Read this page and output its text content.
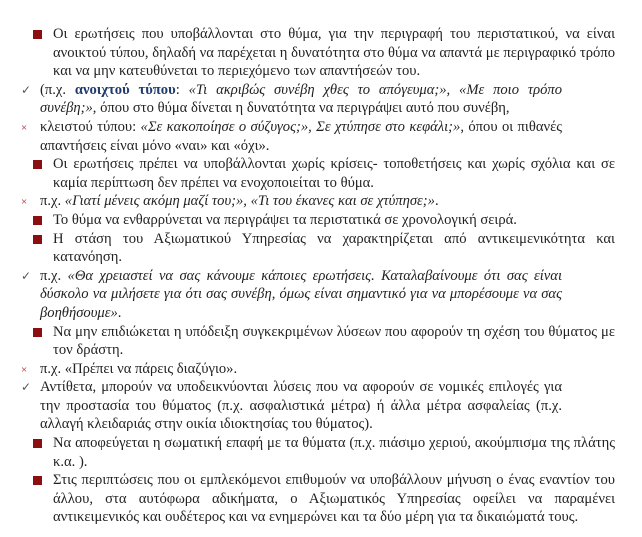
Οι ερωτήσεις που υποβάλλονται στο θύμα, για την περιγραφή του περιστατικού, να είναι ανοικτού τύπου, δηλαδή να παρέχεται η δυνατότητα στο θύμα να απαντά με περιγραφικό τρόπο και να μην κατευθύνεται το περιεχόμενο των απαντήσεών του.
✓ (π.χ. ανοιχτού τύπου: «Τι ακριβώς συνέβη χθες το απόγευμα;», «Με ποιο τρόπο συνέβη;», όπου στο θύμα δίνεται η δυνατότητα να περιγράψει αυτό που συνέβη,
× κλειστού τύπου: «Σε κακοποίησε ο σύζυγος;», Σε χτύπησε στο κεφάλι;», όπου οι πιθανές απαντήσεις είναι μόνο «ναι» και «όχι».
Οι ερωτήσεις πρέπει να υποβάλλονται χωρίς κρίσεις- τοποθετήσεις και χωρίς σχόλια και σε καμία περίπτωση δεν πρέπει να ενοχοποιείται το θύμα.
× π.χ. «Γιατί μένεις ακόμη μαζί του;», «Τι του έκανες και σε χτύπησε;».
Το θύμα να ενθαρρύνεται να περιγράψει τα περιστατικά σε χρονολογική σειρά.
Η στάση του Αξιωματικού Υπηρεσίας να χαρακτηρίζεται από αντικειμενικότητα και κατανόηση.
✓ π.χ. «Θα χρειαστεί να σας κάνουμε κάποιες ερωτήσεις. Καταλαβαίνουμε ότι σας είναι δύσκολο να μιλήσετε για ότι σας συνέβη, όμως είναι σημαντικό για να μπορέσουμε να σας βοηθήσουμε».
Να μην επιδιώκεται η υπόδειξη συγκεκριμένων λύσεων που αφορούν τη σχέση του θύματος με τον δράστη.
× π.χ. «Πρέπει να πάρεις διαζύγιο».
✓ Αντίθετα, μπορούν να υποδεικνύονται λύσεις που να αφορούν σε νομικές επιλογές για την προστασία του θύματος (π.χ. ασφαλιστικά μέτρα) ή άλλα μέτρα ασφαλείας (π.χ. αλλαγή κλειδαριάς στην οικία ιδιοκτησίας του θύματος).
Να αποφεύγεται η σωματική επαφή με τα θύματα (π.χ. πιάσιμο χεριού, ακούμπισμα της πλάτης κ.α. ).
Στις περιπτώσεις που οι εμπλεκόμενοι επιθυμούν να υποβάλλουν μήνυση ο ένας εναντίον του άλλου, στα αυτόφωρα αδικήματα, ο Αξιωματικός Υπηρεσίας οφείλει να παραμένει αντικειμενικός και ουδέτερος και να ενημερώνει και τα δύο μέρη για τα δικαιώματά τους.
